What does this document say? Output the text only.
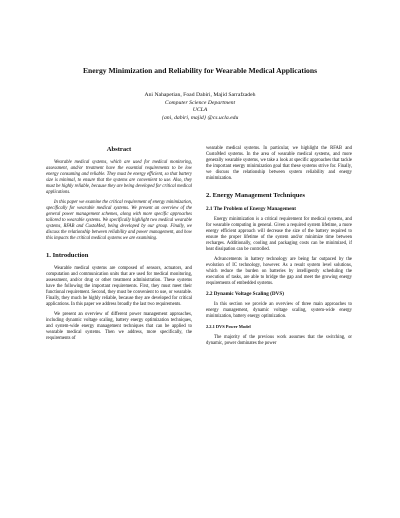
Energy Minimization and Reliability for Wearable Medical Applications
Ani Nahapetian, Foad Dabiri, Majid Sarrafzadeh
Computer Science Department
UCLA
{ani, dabiri, majid} @cs.ucla.edu
Abstract

Wearable medical systems, which are used for medical monitoring, assessment, and/or treatment have the essential requirements to be low energy consuming and reliable. They must be energy efficient, so that battery size is minimal, to ensure that the systems are convenient to use. Also, they must be highly reliable, because they are being developed for critical medical applications.

In this paper we examine the critical requirement of energy minimization, specifically for wearable medical systems. We present an overview of the general power management schemes, along with more specific approaches tailored to wearable systems. We specifically highlight two medical wearable systems, RFAB and CustoMed, being developed by our group. Finally, we discuss the relationship between reliability and power management, and how this impacts the critical medical systems we are examining.

1. Introduction

Wearable medical systems are composed of sensors, actuators, and computation and communication units that are used for medical monitoring, assessment, and/or drug or other treatment administration. These systems have the following the important requirements. First, they must meet their functional requirement. Second, they must be convenient to use, or wearable. Finally, they much be highly reliable, because they are developed for critical applications. In this paper we address broadly the last two requirements.

We present an overview of different power management approaches, including dynamic voltage scaling, battery energy optimization techniques, and system-wide energy management techniques that can be applied to wearable medical systems. Then we address, more specifically, the requirements of

wearable medical systems. In particular, we highlight the RFAB and CustoMed systems. In the area of wearable medical systems, and more generally wearable systems, we take a look at specific approaches that tackle the important energy minimization goal that these systems strive for. Finally, we discuss the relationship between system reliability and energy minimization.

2. Energy Management Techniques
2.1 The Problem of Energy Management

Energy minimization is a critical requirement for medical systems, and for wearable computing in general. Given a required system lifetime, a more energy efficient approach will decrease the size of the battery required to ensure the proper lifetime of the system and/or minimize time between recharges. Additionally, cooling and packaging costs can be minimized, if heat dissipation can be controlled.

Advancements in battery technology are being far outpaced by the evolution of IC technology, however. As a result system level solutions, which reduce the burden on batteries by intelligently scheduling the execution of tasks, are able to bridge the gap and meet the growing energy requirements of embedded systems.

2.2 Dynamic Voltage Scaling (DVS)

In this section we provide an overview of three main approaches to energy management, dynamic voltage scaling, system-wide energy minimization, battery energy optimization.

2.2.1 DVS Power Model

The majority of the previous work assumes that the switching, or dynamic, power dominates the power
